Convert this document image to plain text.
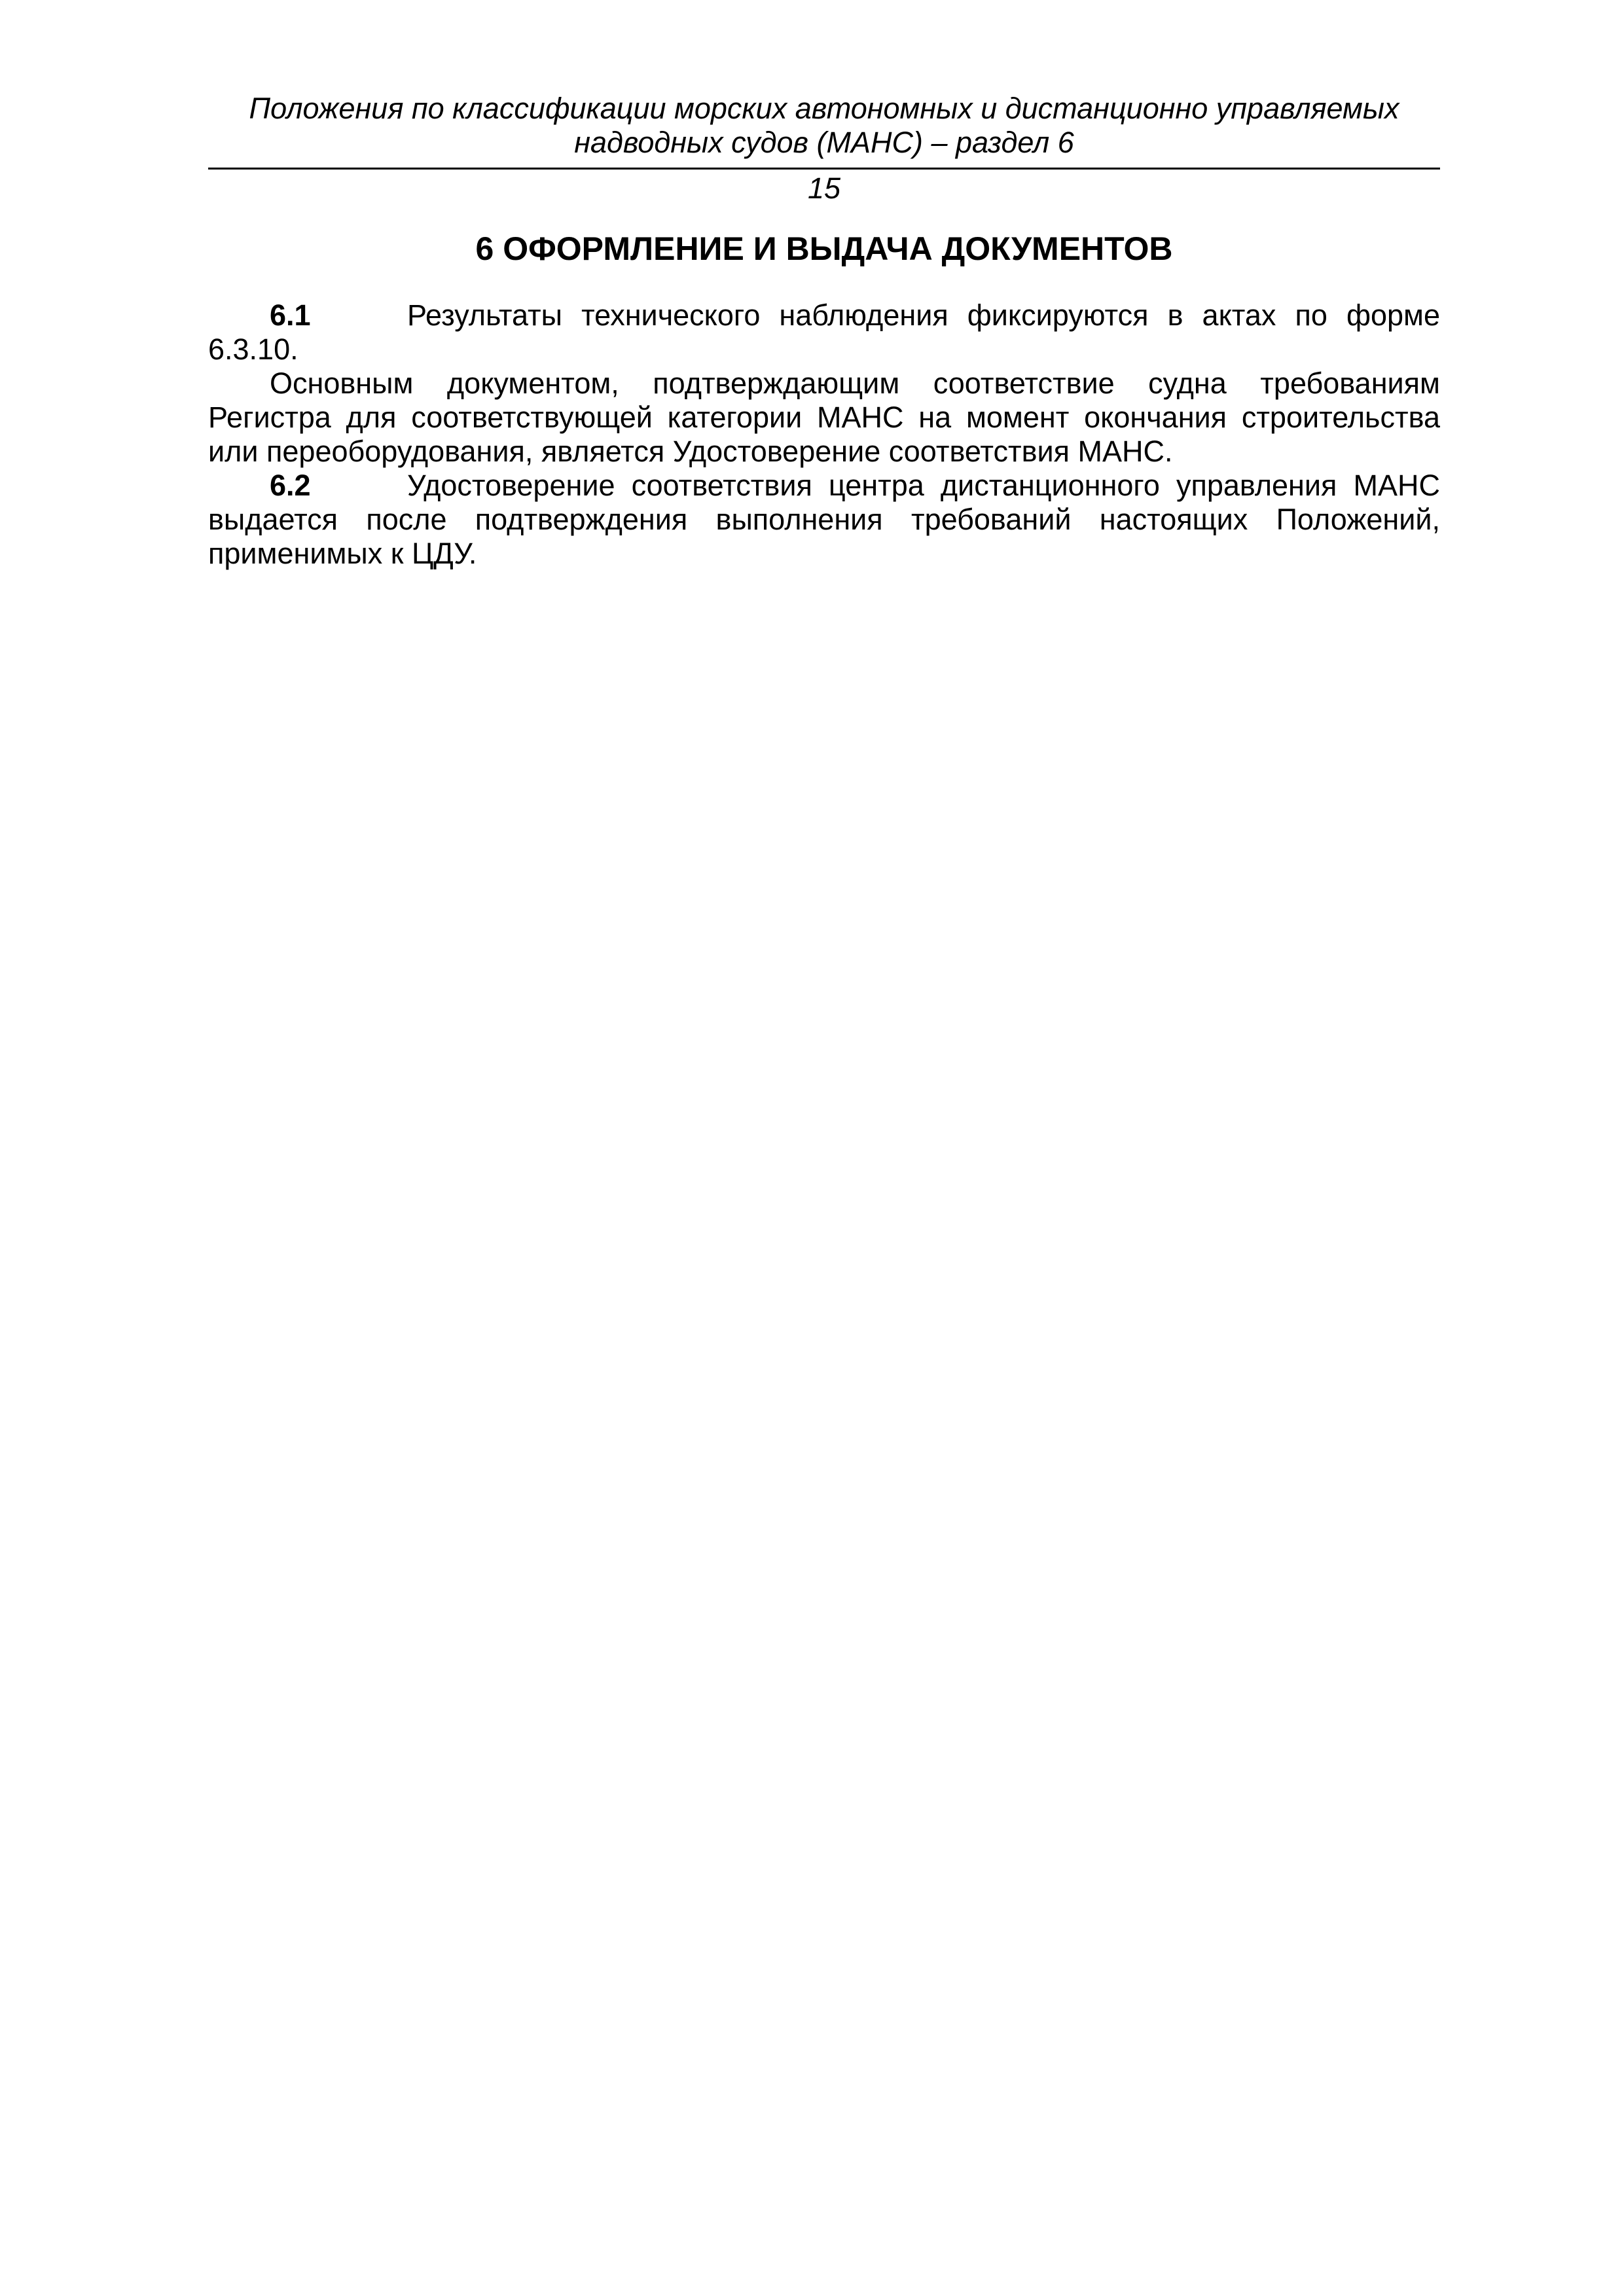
Положения по классификации морских автономных и дистанционно управляемых
надводных судов (МАНС) – раздел 6
15
6 ОФОРМЛЕНИЕ И ВЫДАЧА ДОКУМЕНТОВ

6.1	Результаты технического наблюдения фиксируются в актах по форме 6.3.10.

Основным документом, подтверждающим соответствие судна требованиям Регистра для соответствующей категории МАНС на момент окончания строительства или переоборудования, является Удостоверение соответствия МАНС.

6.2	Удостоверение соответствия центра дистанционного управления МАНС выдается после подтверждения выполнения требований настоящих Положений, применимых к ЦДУ.
